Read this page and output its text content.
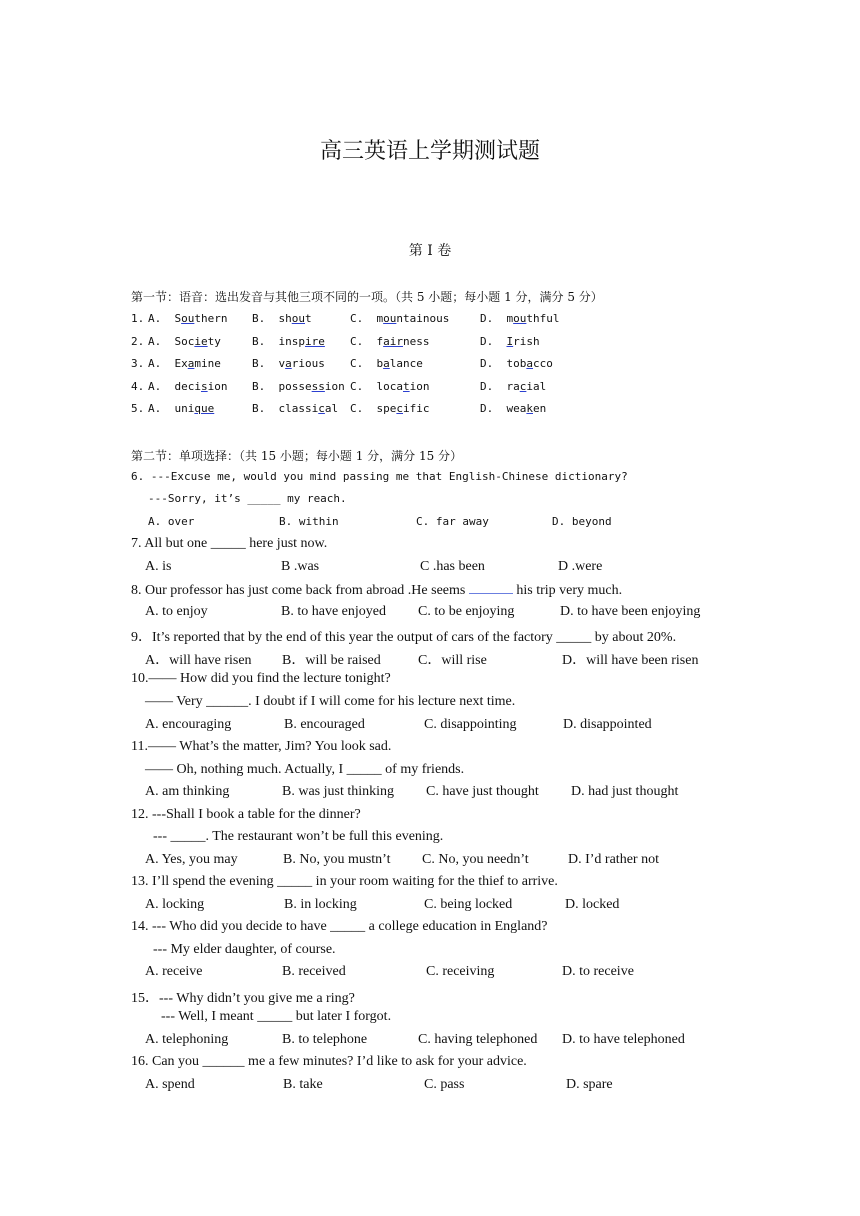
高三英语上学期测试题
第 I 卷
第一节：语音：选出发音与其他三项不同的一项。（共 5 小题；每小题 1 分，满分 5 分）
1. A. Southern B. shout	C. mountainous	D. mouthful
2. A. Society	B. inspire C. fairness	D. Irish
3. A. Examine	B. various C. balance	D. tobacco
4. A. decision B. possession C. location	D. racial
5. A. unique	B. classical C. specific	D. weaken
第二节：单项选择：（共 15 小题；每小题 1 分，满分 15 分）
6. ---Excuse me, would you mind passing me that English-Chinese dictionary?
---Sorry, it’s _____ my reach.
A. over	B. within	C. far away	D. beyond
7. All but one _____ here just now.
A. is	B .was	C .has been	D .were
8. Our professor has just come back from abroad .He seems	his trip very much.
A. to enjoy	B. to have enjoyed C. to be enjoying	D. to have been enjoying
9．It’s reported that by the end of this year the output of cars of the factory _____ by about 20%.
A．will have risen B．will be raised	C．will rise	D．will have been risen
10.—— How did you find the lecture tonight?
—— Very ______. I doubt if I will come for his lecture next time.
A. encouraging	B. encouraged	C. disappointing	D. disappointed
11.—— What’s the matter, Jim? You look sad.
—— Oh, nothing much. Actually, I _____ of my friends.
A. am thinking	B. was just thinking C. have just thought D. had just thought
12. ---Shall I book a table for the dinner?
--- _____. The restaurant won’t be full this evening.
A. Yes, you may	B. No, you mustn’t C. No, you needn’t	D. I’d rather not
13. I’ll spend the evening _____ in your room waiting for the thief to arrive.
A. locking	B. in locking	C. being locked	D. locked
14. --- Who did you decide to have _____ a college education in England?
--- My elder daughter, of course.
A. receive	B. received	C. receiving	D. to receive
15．--- Why didn’t you give me a ring?
--- Well, I meant _____ but later I forgot.
A. telephoning	B. to telephone	C. having telephoned D. to have telephoned
16. Can you ______ me a few minutes? I’d like to ask for your advice.
A. spend	B. take	C. pass	D. spare
